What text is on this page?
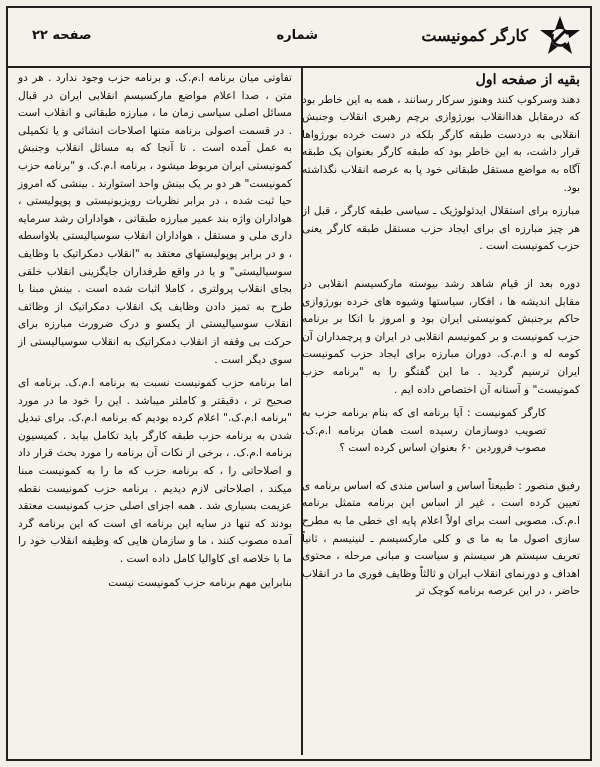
کارگر کمونیست
شماره
صفحه ۲۲
بقیه از صفحه اول

دهند وسرکوب کنند وهنوز سرکار رسانند ، همه به این خاطر بود که درمقابل هداانقلاب بورژوازی برچم رهبری انقلاب وجنبش انقلابی به دردست طبقه کارگر بلکه در دست خرده بورژواها قرار داشت، به این خاطر بود که طبقه کارگر بعنوان یک طبقه آگاه به مواضع مستقل طبقاتی خود پا به عرصه انقلاب نگذاشته بود.

مبارزه برای استقلال ایدئولوژیک ـ سیاسی طبقه کارگر ، قبل از هر چیز مبارزه ای برای ایجاد حزب مستقل طبقه کارگر یعنی حزب کمونیست است .

دوره بعد از قیام شاهد رشد بیوسته مارکسیسم انقلابی در مقابل اندیشه ها ، افکار، سیاستها وشیوه های خرده بورژوازی حاکم برجنبش کمونیستی ایران بود و امروز با اتکا بر برنامه حزب کمونیست و بر کمونیسم انقلابی در ایران و پرچمداران آن کومه له و ا.م.ک. دوران مبارزه برای ایجاد حزب کمونیست ایران ترسیم گردید . ما این گفتگو را به "برنامه حزب کمونیست" و آستانه آن اختصاص داده ایم .

کارگر کمونیست : آیا برنامه ای که بنام برنامه حزب به تصویب دوسازمان رسیده است همان برنامه ا.م.ک. مصوب فروردین ۶۰ بعنوان اساس کرده است ؟

رفیق منصور : طبیعتاً اساس و اساس مندی که اساس برنامه ی تعیین کرده است ، غیر از اساس این برنامه متمثل برنامه ا.م.ک. مصوبی است برای اولاً اعلام پایه ای خطی ما به مطرح سازی اصول ما به ما ی و کلی مارکسیسم ـ لنینیسم ، ثانیاً تعریف سیستم هر سیستم و سیاست و مبانی مرحله ، محتوی اهداف و دورنمای انقلاب ایران و ثالثاً وظایف فوری ما در انقلاب حاضر ، در این عرصه برنامه کوچک تر

تفاوتی میان برنامه ا.م.ک. و برنامه حزب وجود ندارد . هر دو متن ، صدا اعلام مواضع مارکسیسم انقلابی ایران در قبال مسائل اصلی سیاسی زمان ما ، مبارزه طبقاتی و انقلاب است . در قسمت اصولی برنامه متنها اصلاحات انشائی و یا تکمیلی به عمل آمده است . تا آنجا که به مسائل انقلاب وجنبش کمونیستی ایران مربوط میشود ، برنامه ا.م.ک. و "برنامه حزب کمونیست" هر دو بر یک بینش واحد استوارند . بینشی که امروز حیا ثبت شده ، در برابر نظریات رویزیونیستی و پوپولیستی ، هواداران واژه بند عمیر مبارزه طبقاتی ، هواداران رشد سرمایه داری ملی و مستقل ، هواداران انقلاب سوسیالیستی بلاواسطه ، و در برابر پوپولیستهای معتقد به "انقلاب دمکراتیک با وظایف سوسیالیستی" و یا در واقع طرفداران جایگزینی انقلاب خلقی بجای انقلاب پرولتری ، کاملا اثبات شده است . بینش مبنا با طرح به تمیز دادن وظایف یک انقلاب دمکراتیک از وظائف انقلاب سوسیالیستی از یکسو و درک ضرورت مبارزه برای حرکت بی وقفه از انقلاب دمکراتیک به انقلاب سوسیالیستی از سوی دیگر است .

اما برنامه حزب کمونیست نسبت به برنامه ا.م.ک. برنامه ای صحیح تر ، دقیقتر و کاملتر میباشد . این را خود ما در مورد "برنامه ا.م.ک." اعلام کرده بودیم که برنامه ا.م.ک. برای تبدیل شدن به برنامه حزب طبقه کارگر باید تکامل بیابد . کمیسیون برنامه ا.م.ک. ، برخی از نکات آن برنامه را مورد بحث قرار داد و اصلاحاتی را ، که برنامه حزب که ما را به کمونیست مبنا میکند ، اصلاحاتی لازم دیدیم . برنامه حزب کمونیست نقطه عزیمت بسیاری شد . همه اجزای اصلی حزب کمونیست معتقد بودند که تنها در سایه این برنامه ای است که این برنامه گرد آمده مصوب کنند ، ما و سازمان هایی که وظیفه انقلاب خود را ما با خلاصه ای کاوالیا کامل داده است .

بنابراین مهم برنامه حزب کمونیست نیست
